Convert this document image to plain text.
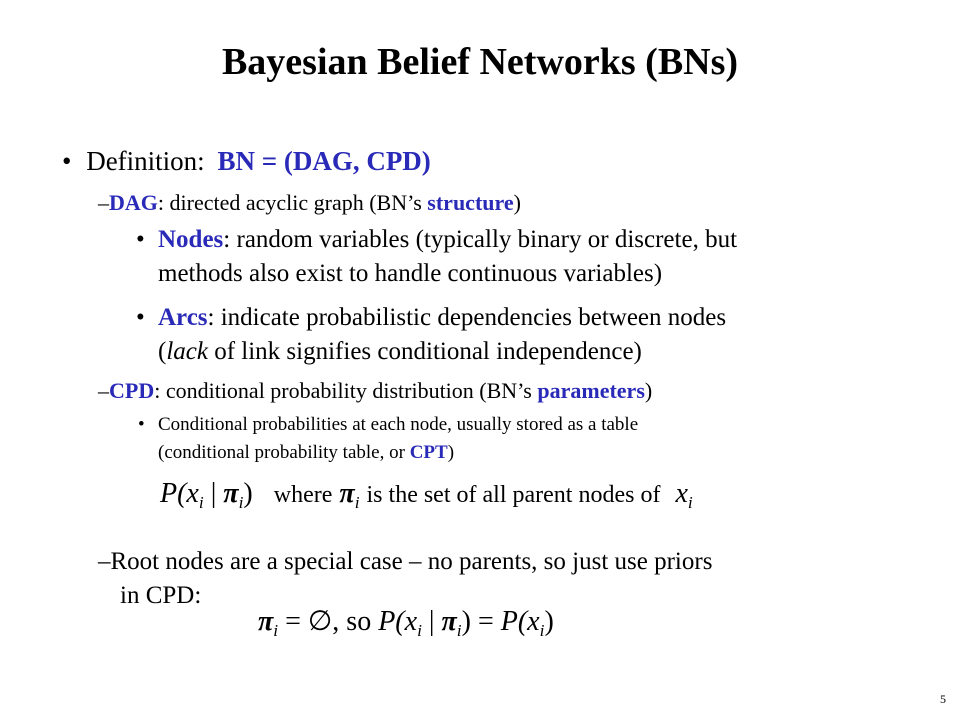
Bayesian Belief Networks (BNs)
• Definition: BN = (DAG, CPD)
–DAG: directed acyclic graph (BN’s structure)
• Nodes: random variables (typically binary or discrete, but
methods also exist to handle continuous variables)
• Arcs: indicate probabilistic dependencies between nodes
(lack of link signifies conditional independence)
–CPD: conditional probability distribution (BN’s parameters)
• Conditional probabilities at each node, usually stored as a table
(conditional probability table, or CPT)
$P(x_i$ | $\pi_i$) where $\pi_i$ is the set of all parent nodes of $x_i$
–Root nodes are a special case – no parents, so just use priors
in CPD:
$\pi_i$ = ∅, so $P(x_i$ | $\pi_i) = P(x_i)$
5
